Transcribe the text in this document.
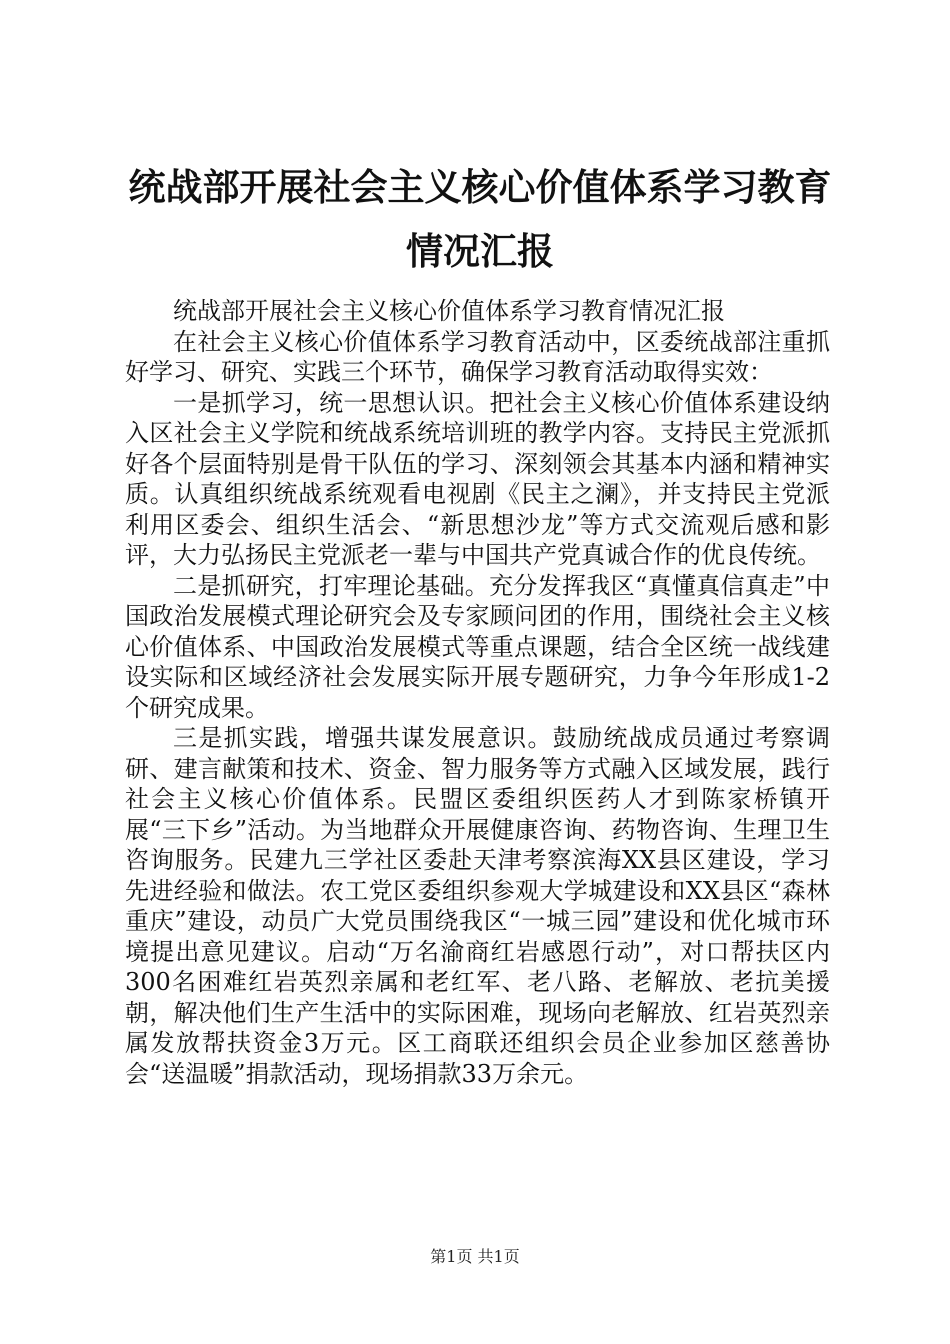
统战部开展社会主义核心价值体系学习教育情况汇报

统战部开展社会主义核心价值体系学习教育情况汇报

在社会主义核心价值体系学习教育活动中，区委统战部注重抓好学习、研究、实践三个环节，确保学习教育活动取得实效：

一是抓学习，统一思想认识。把社会主义核心价值体系建设纳入区社会主义学院和统战系统培训班的教学内容。支持民主党派抓好各个层面特别是骨干队伍的学习、深刻领会其基本内涵和精神实质。认真组织统战系统观看电视剧《民主之澜》，并支持民主党派利用区委会、组织生活会、“新思想沙龙”等方式交流观后感和影评，大力弘扬民主党派老一辈与中国共产党真诚合作的优良传统。

二是抓研究，打牢理论基础。充分发挥我区“真懂真信真走”中国政治发展模式理论研究会及专家顾问团的作用，围绕社会主义核心价值体系、中国政治发展模式等重点课题，结合全区统一战线建设实际和区域经济社会发展实际开展专题研究，力争今年形成1-2个研究成果。

三是抓实践，增强共谋发展意识。鼓励统战成员通过考察调研、建言献策和技术、资金、智力服务等方式融入区域发展，践行社会主义核心价值体系。民盟区委组织医药人才到陈家桥镇开展“三下乡”活动。为当地群众开展健康咨询、药物咨询、生理卫生咨询服务。民建九三学社区委赴天津考察滨海XX县区建设，学习先进经验和做法。农工党区委组织参观大学城建设和XX县区“森林重庆”建设，动员广大党员围绕我区“一城三园”建设和优化城市环境提出意见建议。启动“万名渝商红岩感恩行动”，对口帮扶区内300名困难红岩英烈亲属和老红军、老八路、老解放、老抗美援朝，解决他们生产生活中的实际困难，现场向老解放、红岩英烈亲属发放帮扶资金3万元。区工商联还组织会员企业参加区慈善协会“送温暖”捐款活动，现场捐款33万余元。

第1页 共1页
